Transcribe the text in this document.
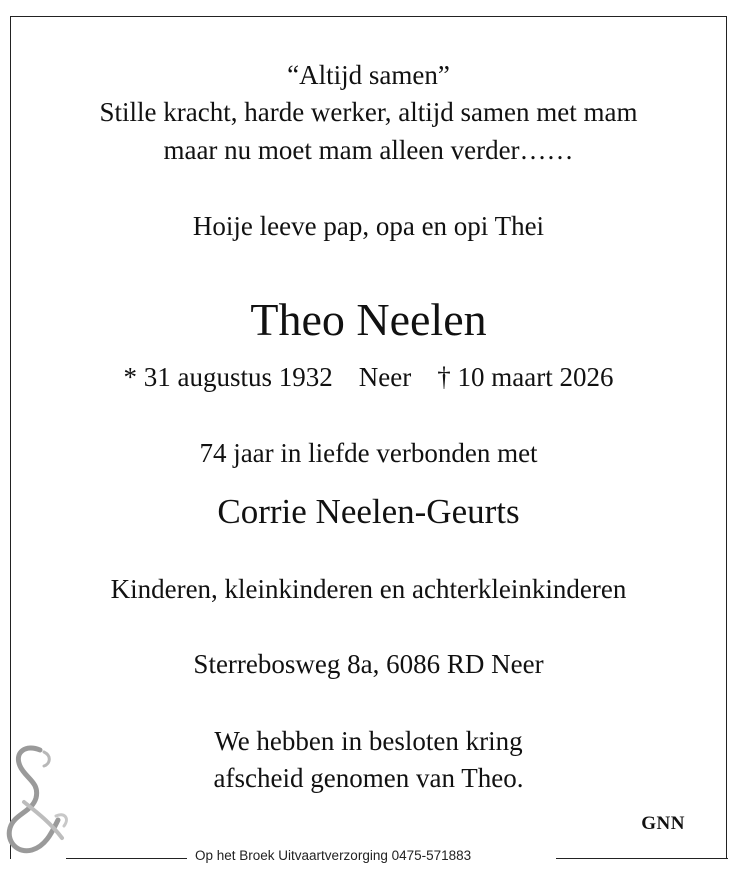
“Altijd samen”
Stille kracht, harde werker, altijd samen met mam
maar nu moet mam alleen verder……
Hoije leeve pap, opa en opi Thei
Theo Neelen
* 31 augustus 1932 Neer † 10 maart 2026
74 jaar in liefde verbonden met
Corrie Neelen-Geurts
Kinderen, kleinkinderen en achterkleinkinderen
Sterrebosweg 8a, 6086 RD Neer
We hebben in besloten kring
afscheid genomen van Theo.
GNN
Op het Broek Uitvaartverzorging 0475-571883
